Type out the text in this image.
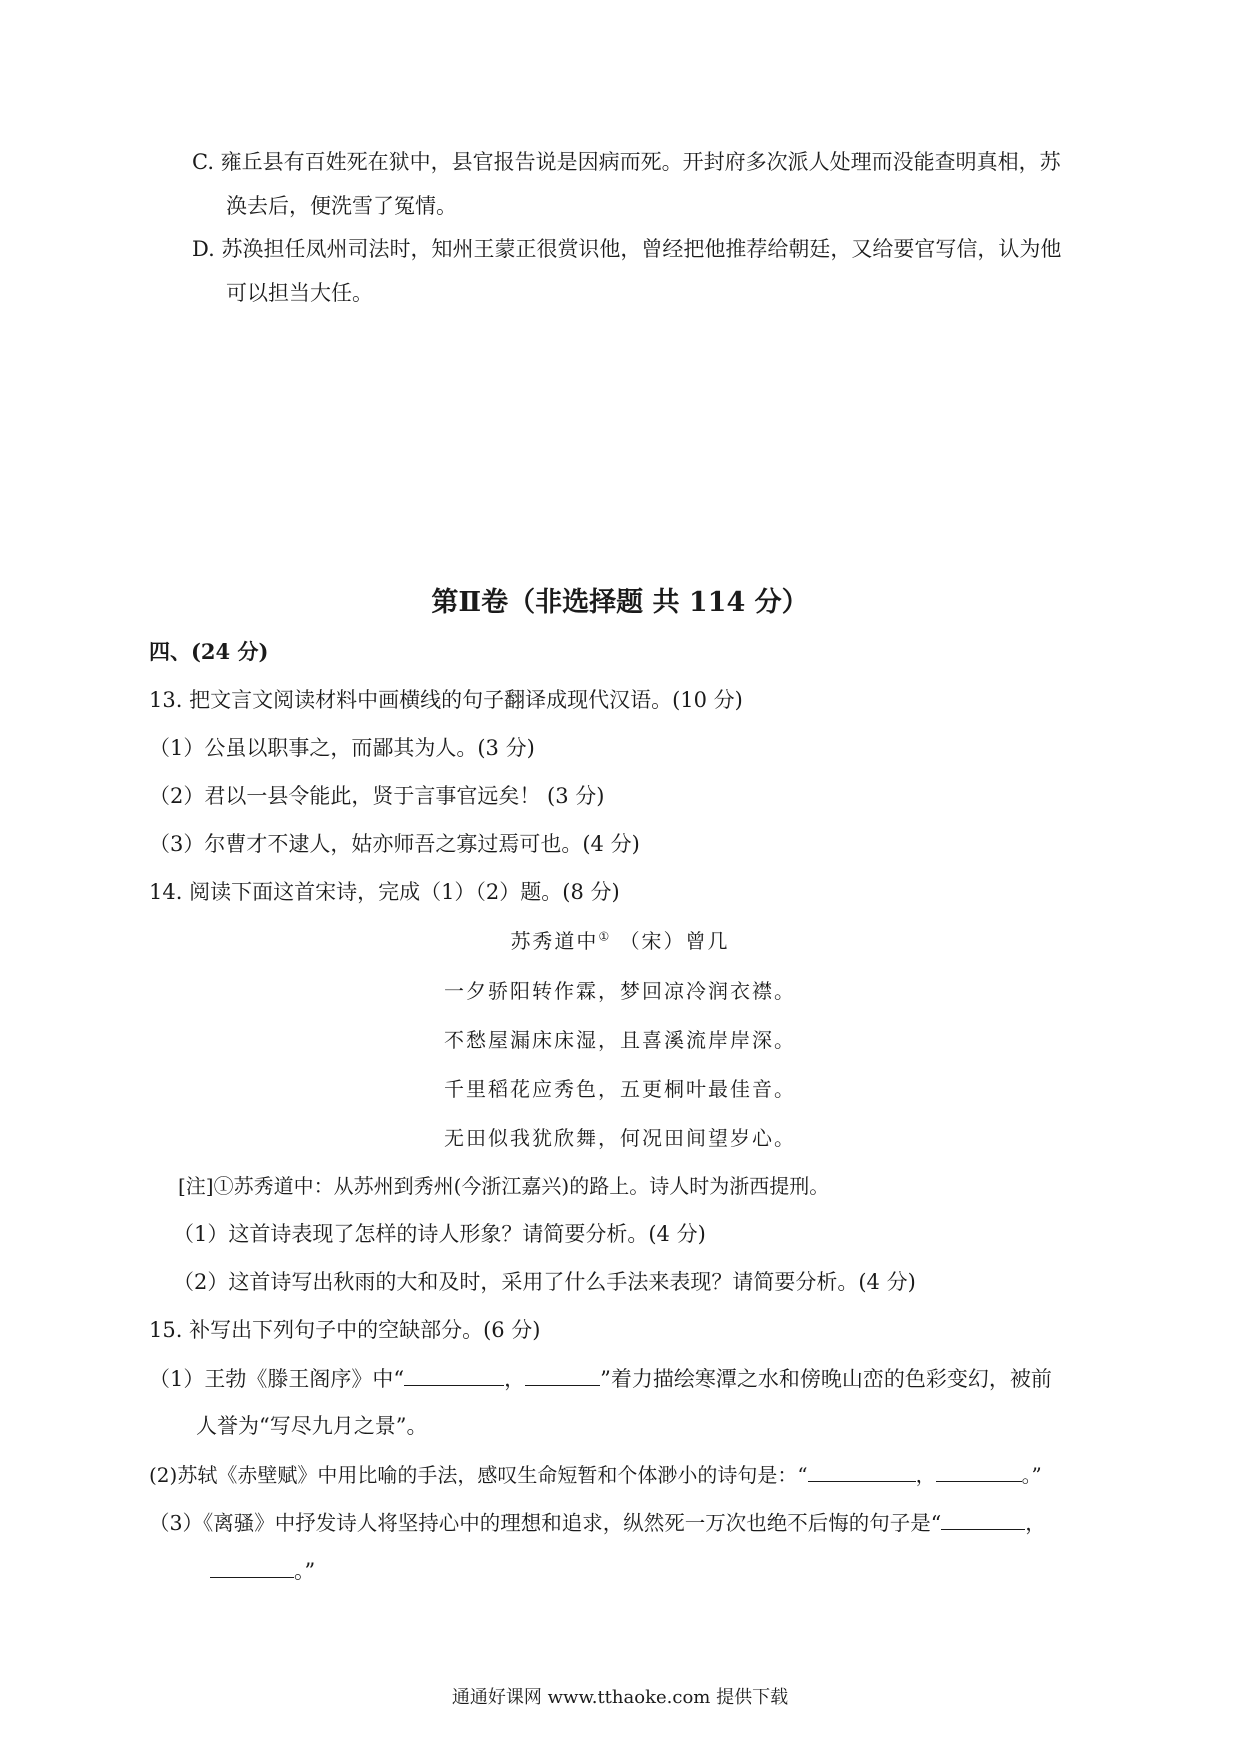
C. 雍丘县有百姓死在狱中，县官报告说是因病而死。开封府多次派人处理而没能查明真相，苏
涣去后，便洗雪了冤情。
D. 苏涣担任凤州司法时，知州王蒙正很赏识他，曾经把他推荐给朝廷，又给要官写信，认为他
可以担当大任。
第Ⅱ卷（非选择题 共 114 分）
四、(24 分)
13. 把文言文阅读材料中画横线的句子翻译成现代汉语。(10 分)
（1）公虽以职事之，而鄙其为人。(3 分)
（2）君以一县令能此，贤于言事官远矣！ (3 分)
（3）尔曹才不逮人，姑亦师吾之寡过焉可也。(4 分)
14. 阅读下面这首宋诗，完成（1）（2）题。(8 分)
苏秀道中① （宋）曾几
一夕骄阳转作霖，梦回凉冷润衣襟。
不愁屋漏床床湿，且喜溪流岸岸深。
千里稻花应秀色，五更桐叶最佳音。
无田似我犹欣舞，何况田间望岁心。
[注]①苏秀道中：从苏州到秀州(今浙江嘉兴)的路上。诗人时为浙西提刑。
（1）这首诗表现了怎样的诗人形象？请简要分析。(4 分)
（2）这首诗写出秋雨的大和及时，采用了什么手法来表现？请简要分析。(4 分)
15. 补写出下列句子中的空缺部分。(6 分)
（1）王勃《滕王阁序》中“	，	”着力描绘寒潭之水和傍晚山峦的色彩变幻，被前
人誉为“写尽九月之景”。
(2)苏轼《赤壁赋》中用比喻的手法，感叹生命短暂和个体渺小的诗句是：“	，	。”
（3）《离骚》中抒发诗人将坚持心中的理想和追求，纵然死一万次也绝不后悔的句子是“	，
。”
通通好课网 www.tthaoke.com 提供下载
